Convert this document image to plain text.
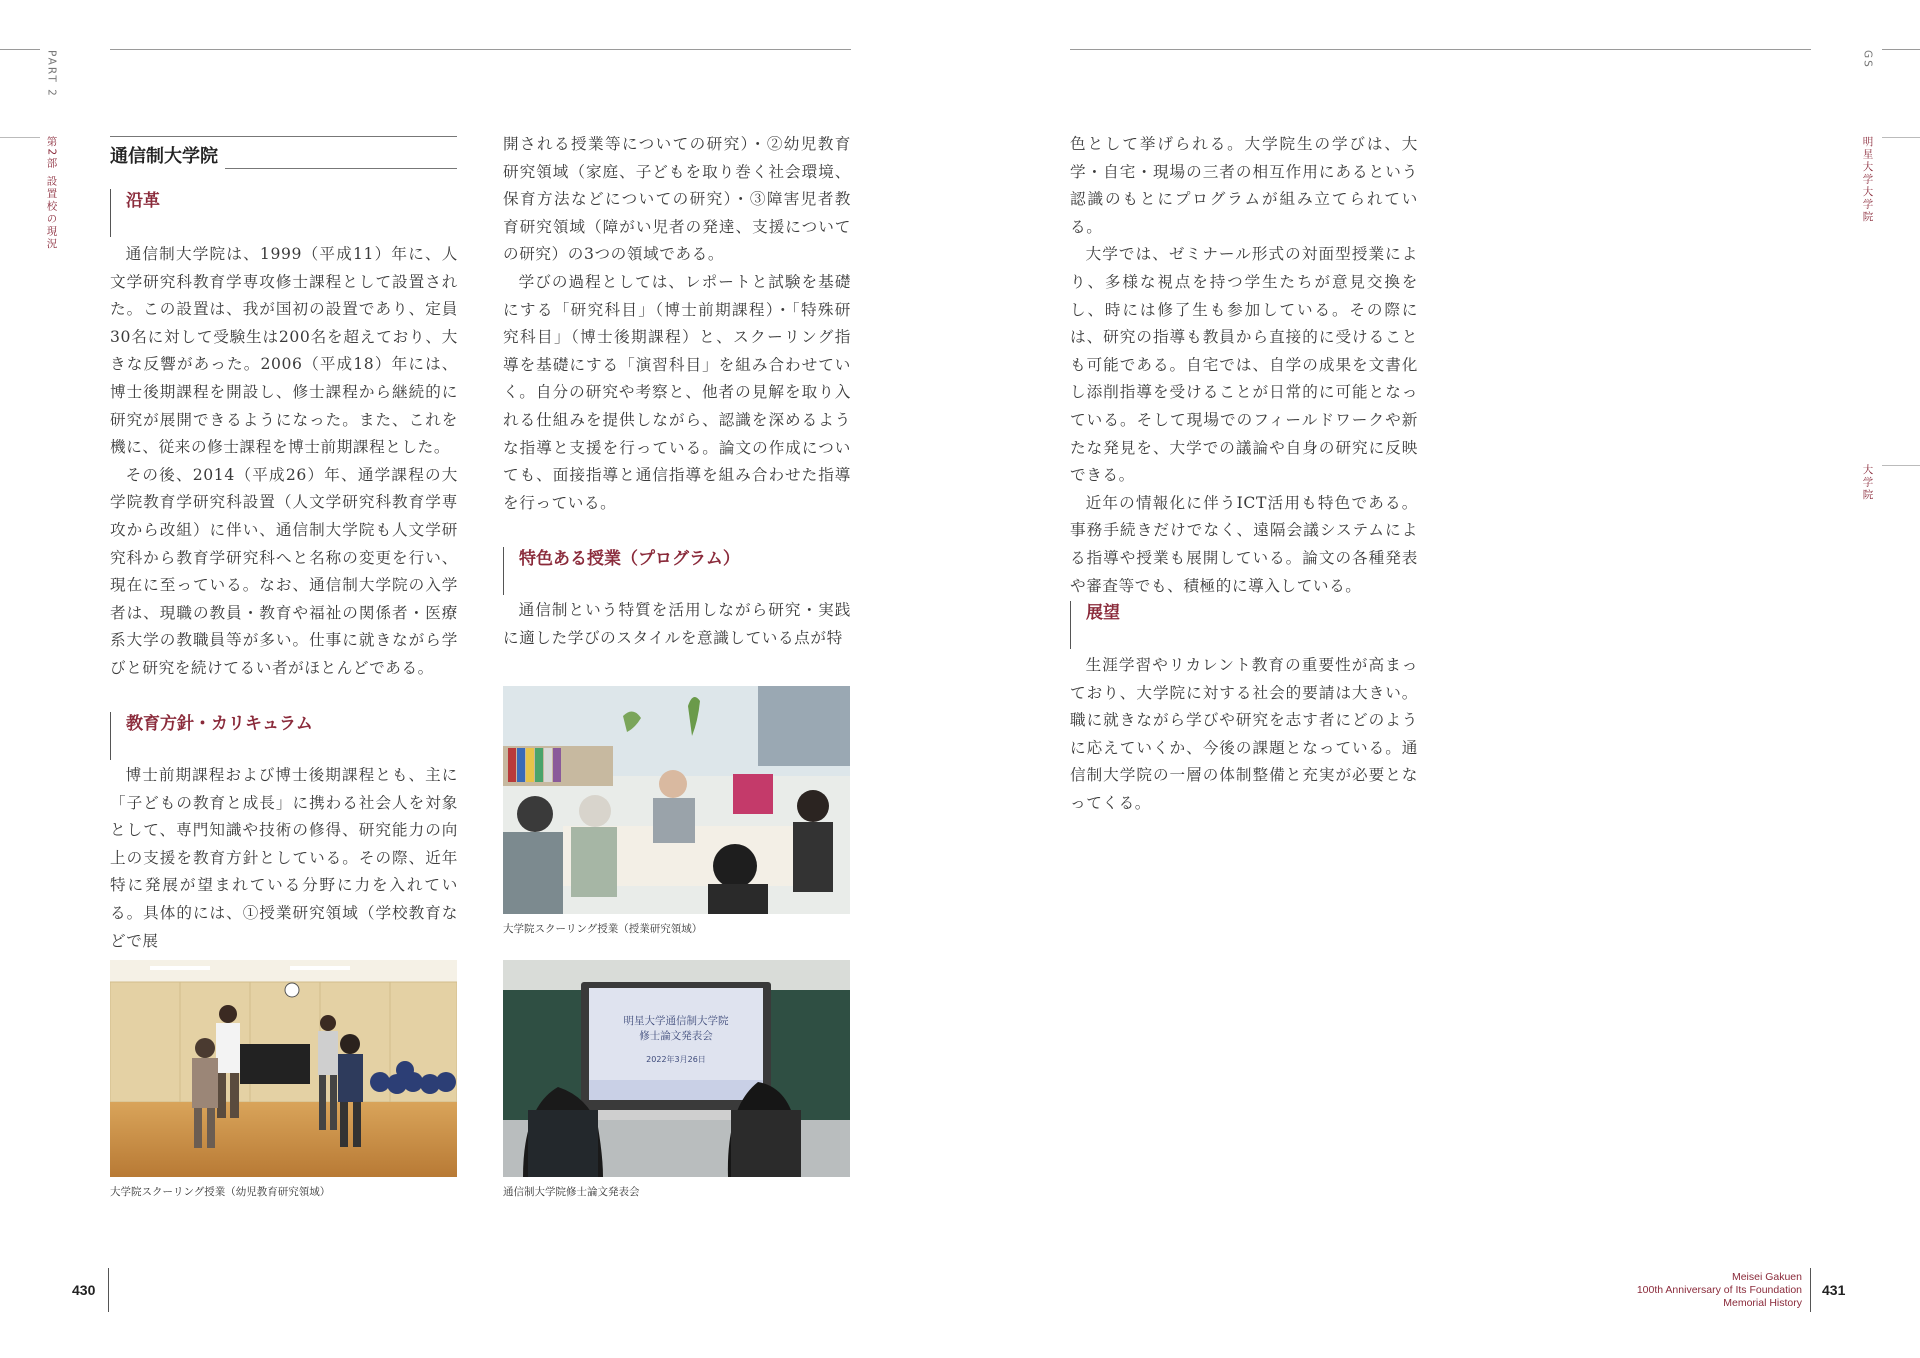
PART 2
第2部 設置校の現況
GS
明星大学大学院
大学院
通信制大学院
沿革

通信制大学院は、1999（平成11）年に、人文学研究科教育学専攻修士課程として設置された。この設置は、我が国初の設置であり、定員30名に対して受験生は200名を超えており、大きな反響があった。2006（平成18）年には、博士後期課程を開設し、修士課程から継続的に研究が展開できるようになった。また、これを機に、従来の修士課程を博士前期課程とした。

その後、2014（平成26）年、通学課程の大学院教育学研究科設置（人文学研究科教育学専攻から改組）に伴い、通信制大学院も人文学研究科から教育学研究科へと名称の変更を行い、現在に至っている。なお、通信制大学院の入学者は、現職の教員・教育や福祉の関係者・医療系大学の教職員等が多い。仕事に就きながら学びと研究を続けてるい者がほとんどである。

教育方針・カリキュラム

博士前期課程および博士後期課程とも、主に「子どもの教育と成長」に携わる社会人を対象として、専門知識や技術の修得、研究能力の向上の支援を教育方針としている。その際、近年特に発展が望まれている分野に力を入れている。具体的には、①授業研究領域（学校教育などで展

大学院スクーリング授業（幼児教育研究領域）

開される授業等についての研究）・②幼児教育研究領域（家庭、子どもを取り巻く社会環境、保育方法などについての研究）・③障害児者教育研究領域（障がい児者の発達、支援についての研究）の3つの領域である。

学びの過程としては、レポートと試験を基礎にする「研究科目」（博士前期課程）・「特殊研究科目」（博士後期課程）と、スクーリング指導を基礎にする「演習科目」を組み合わせていく。自分の研究や考察と、他者の見解を取り入れる仕組みを提供しながら、認識を深めるような指導と支援を行っている。論文の作成についても、面接指導と通信指導を組み合わせた指導を行っている。

特色ある授業（プログラム）

通信制という特質を活用しながら研究・実践に適した学びのスタイルを意識している点が特

大学院スクーリング授業（授業研究領域）
明星大学通信制大学院
修士論文発表会
2022年3月26日
通信制大学院修士論文発表会

色として挙げられる。大学院生の学びは、大学・自宅・現場の三者の相互作用にあるという認識のもとにプログラムが組み立てられている。

大学では、ゼミナール形式の対面型授業により、多様な視点を持つ学生たちが意見交換をし、時には修了生も参加している。その際には、研究の指導も教員から直接的に受けることも可能である。自宅では、自学の成果を文書化し添削指導を受けることが日常的に可能となっている。そして現場でのフィールドワークや新たな発見を、大学での議論や自身の研究に反映できる。

近年の情報化に伴うICT活用も特色である。事務手続きだけでなく、遠隔会議システムによる指導や授業も展開している。論文の各種発表や審査等でも、積極的に導入している。

展望

生涯学習やリカレント教育の重要性が高まっており、大学院に対する社会的要請は大きい。職に就きながら学びや研究を志す者にどのように応えていくか、今後の課題となっている。通信制大学院の一層の体制整備と充実が必要となってくる。

430
Meisei Gakuen
100th Anniversary of Its Foundation
Memorial History
431
